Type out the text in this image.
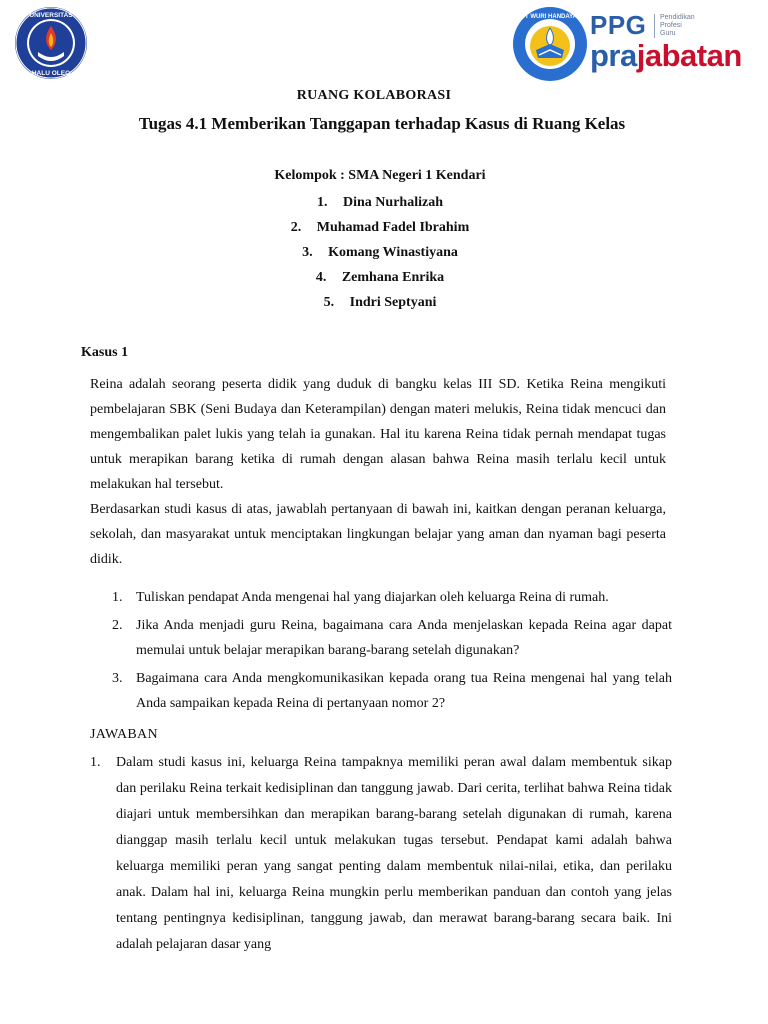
UNIVERSITAS
HALU OLEO
TUT WURI HANDAYANI PPG Pendidikan
Profesi
Guru
prajabatan
RUANG KOLABORASI
Tugas 4.1 Memberikan Tanggapan terhadap Kasus di Ruang Kelas
Kelompok : SMA Negeri 1 Kendari
1. Dina Nurhalizah
2. Muhamad Fadel Ibrahim
3. Komang Winastiyana
4. Zemhana Enrika
5. Indri Septyani
Kasus 1

Reina adalah seorang peserta didik yang duduk di bangku kelas III SD. Ketika Reina mengikuti pembelajaran SBK (Seni Budaya dan Keterampilan) dengan materi melukis, Reina tidak mencuci dan mengembalikan palet lukis yang telah ia gunakan. Hal itu karena Reina tidak pernah mendapat tugas untuk merapikan barang ketika di rumah dengan alasan bahwa Reina masih terlalu kecil untuk melakukan hal tersebut.

Berdasarkan studi kasus di atas, jawablah pertanyaan di bawah ini, kaitkan dengan peranan keluarga, sekolah, dan masyarakat untuk menciptakan lingkungan belajar yang aman dan nyaman bagi peserta didik.

1. Tuliskan pendapat Anda mengenai hal yang diajarkan oleh keluarga Reina di rumah.
2. Jika Anda menjadi guru Reina, bagaimana cara Anda menjelaskan kepada Reina agar dapat memulai untuk belajar merapikan barang-barang setelah digunakan?
3. Bagaimana cara Anda mengkomunikasikan kepada orang tua Reina mengenai hal yang telah Anda sampaikan kepada Reina di pertanyaan nomor 2?
JAWABAN
1. Dalam studi kasus ini, keluarga Reina tampaknya memiliki peran awal dalam membentuk sikap dan perilaku Reina terkait kedisiplinan dan tanggung jawab. Dari cerita, terlihat bahwa Reina tidak diajari untuk membersihkan dan merapikan barang-barang setelah digunakan di rumah, karena dianggap masih terlalu kecil untuk melakukan tugas tersebut. Pendapat kami adalah bahwa keluarga memiliki peran yang sangat penting dalam membentuk nilai-nilai, etika, dan perilaku anak. Dalam hal ini, keluarga Reina mungkin perlu memberikan panduan dan contoh yang jelas tentang pentingnya kedisiplinan, tanggung jawab, dan merawat barang-barang secara baik. Ini adalah pelajaran dasar yang
